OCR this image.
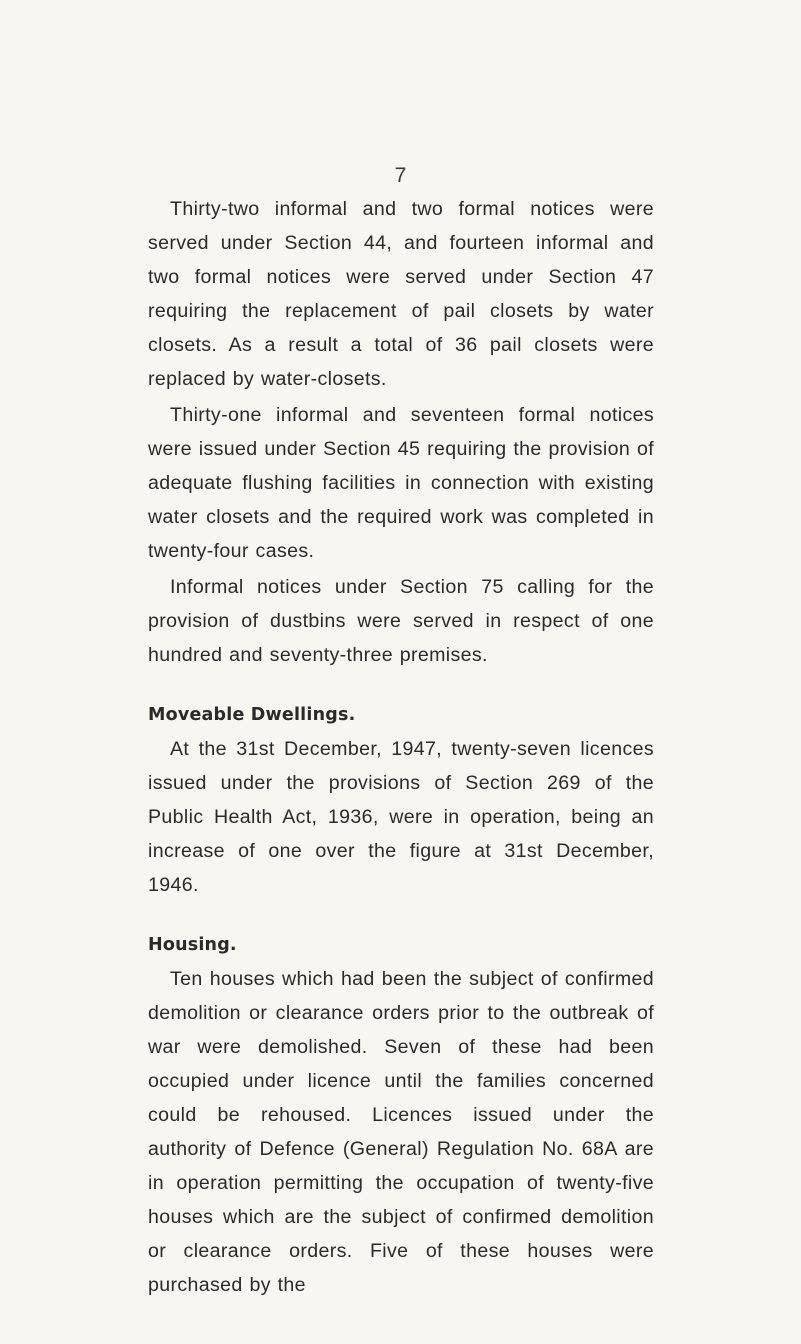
7

Thirty-two informal and two formal notices were served under Section 44, and fourteen informal and two formal notices were served under Section 47 requiring the replacement of pail closets by water closets. As a result a total of 36 pail closets were replaced by water-closets.

Thirty-one informal and seventeen formal notices were issued under Section 45 requiring the provision of adequate flushing facilities in connection with existing water closets and the required work was completed in twenty-four cases.

Informal notices under Section 75 calling for the provision of dustbins were served in respect of one hundred and seventy-three premises.

Moveable Dwellings.

At the 31st December, 1947, twenty-seven licences issued under the provisions of Section 269 of the Public Health Act, 1936, were in operation, being an increase of one over the figure at 31st December, 1946.

Housing.

Ten houses which had been the subject of confirmed demolition or clearance orders prior to the outbreak of war were demolished. Seven of these had been occupied under licence until the families concerned could be rehoused. Licences issued under the authority of Defence (General) Regulation No. 68A are in operation permitting the occupation of twenty-five houses which are the subject of confirmed demolition or clearance orders. Five of these houses were purchased by the
